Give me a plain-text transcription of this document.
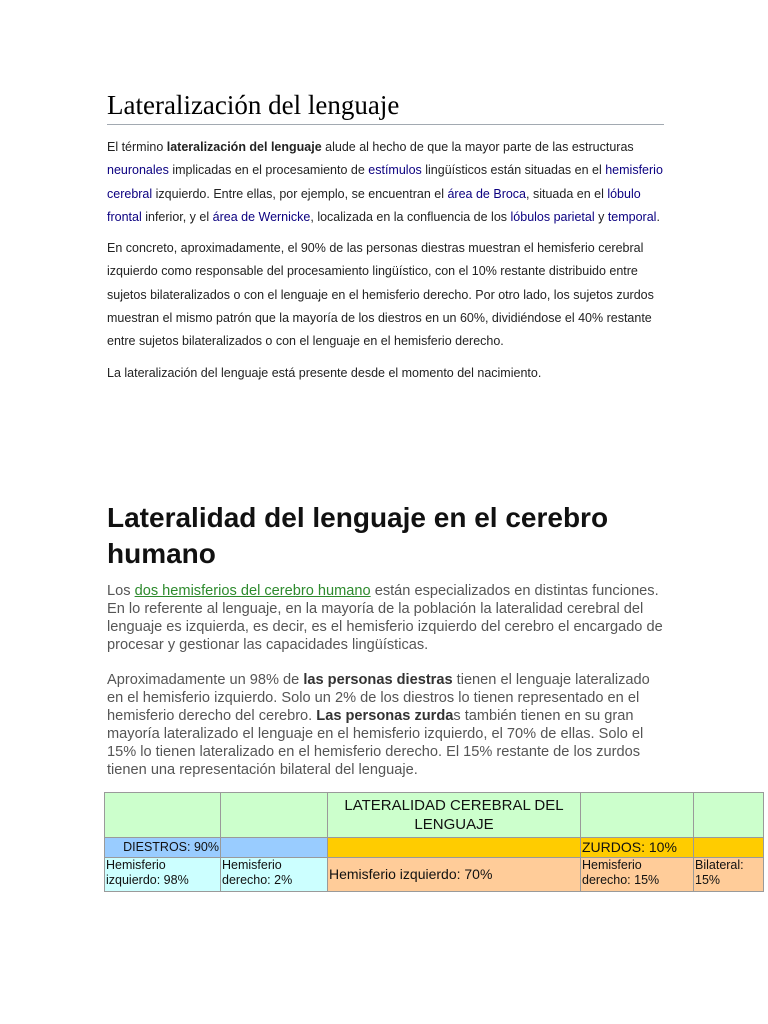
Lateralización del lenguaje

El término lateralización del lenguaje alude al hecho de que la mayor parte de las estructuras neuronales implicadas en el procesamiento de estímulos lingüísticos están situadas en el hemisferio cerebral izquierdo. Entre ellas, por ejemplo, se encuentran el área de Broca, situada en el lóbulo frontal inferior, y el área de Wernicke, localizada en la confluencia de los lóbulos parietal y temporal.

En concreto, aproximadamente, el 90% de las personas diestras muestran el hemisferio cerebral izquierdo como responsable del procesamiento lingüístico, con el 10% restante distribuido entre sujetos bilateralizados o con el lenguaje en el hemisferio derecho. Por otro lado, los sujetos zurdos muestran el mismo patrón que la mayoría de los diestros en un 60%, dividiéndose el 40% restante entre sujetos bilateralizados o con el lenguaje en el hemisferio derecho.

La lateralización del lenguaje está presente desde el momento del nacimiento.

Lateralidad del lenguaje en el cerebro humano

Los dos hemisferios del cerebro humano están especializados en distintas funciones. En lo referente al lenguaje, en la mayoría de la población la lateralidad cerebral del lenguaje es izquierda, es decir, es el hemisferio izquierdo del cerebro el encargado de procesar y gestionar las capacidades lingüísticas.

Aproximadamente un 98% de las personas diestras tienen el lenguaje lateralizado en el hemisferio izquierdo. Solo un 2% de los diestros lo tienen representado en el hemisferio derecho del cerebro. Las personas zurdas también tienen en su gran mayoría lateralizado el lenguaje en el hemisferio izquierdo, el 70% de ellas. Solo el 15% lo tienen lateralizado en el hemisferio derecho. El 15% restante de los zurdos tienen una representación bilateral del lenguaje.

		LATERALIDAD CEREBRAL DEL LENGUAJE		
DIESTROS: 90%			ZURDOS: 10%	
Hemisferio izquierdo: 98%	Hemisferio derecho: 2%	Hemisferio izquierdo: 70%	Hemisferio derecho: 15%	Bilateral: 15%
